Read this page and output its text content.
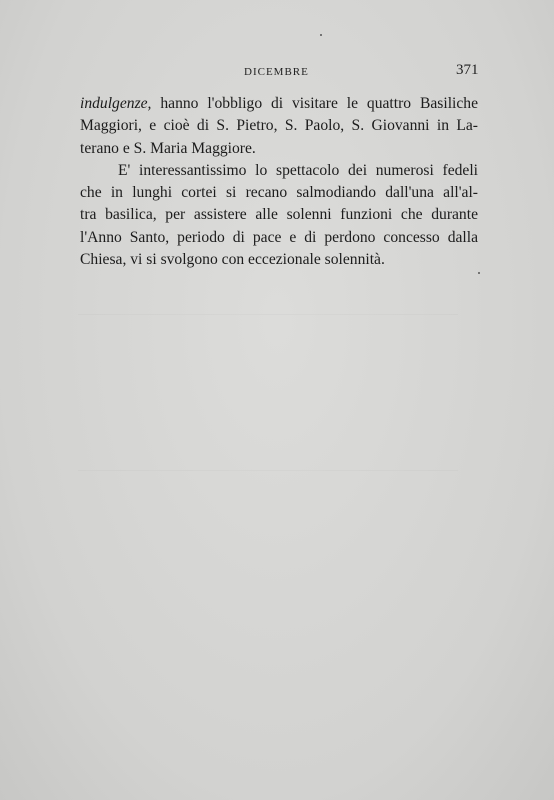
DICEMBRE	371

indulgenze, hanno l'obbligo di visitare le quattro Basiliche
Maggiori, e cioè di S. Pietro, S. Paolo, S. Giovanni in La-
terano e S. Maria Maggiore.

E' interessantissimo lo spettacolo dei numerosi fedeli
che in lunghi cortei si recano salmodiando dall'una all'al-
tra basilica, per assistere alle solenni funzioni che durante
l'Anno Santo, periodo di pace e di perdono concesso dalla
Chiesa, vi si svolgono con eccezionale solennità.
